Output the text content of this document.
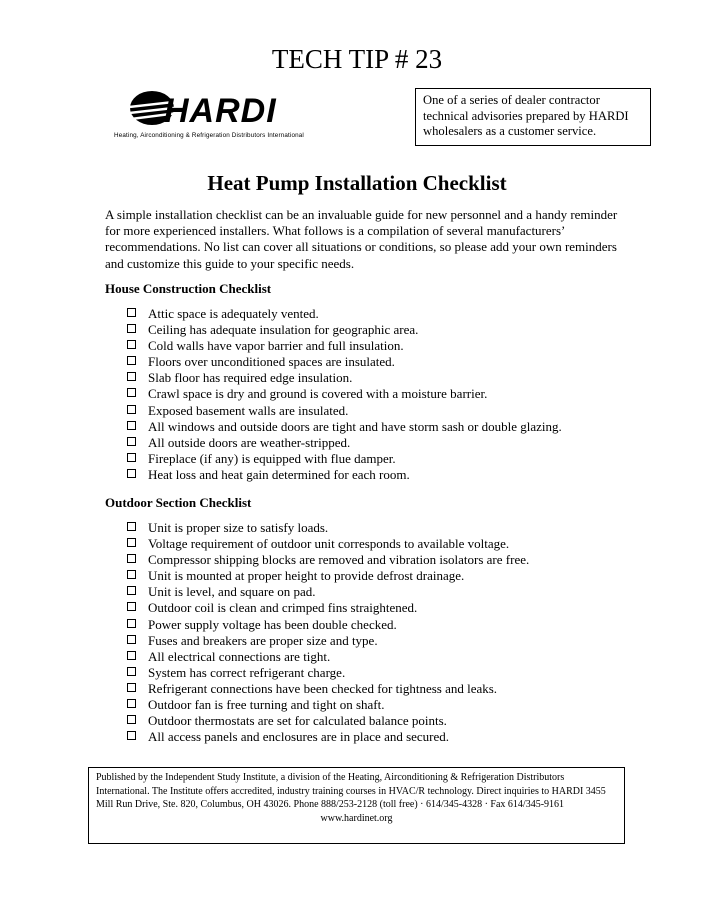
TECH TIP # 23
HARDI
Heating, Airconditioning & Refrigeration Distributors International
One of a series of dealer contractor technical advisories prepared by HARDI wholesalers as a customer service.
Heat Pump Installation Checklist
A simple installation checklist can be an invaluable guide for new personnel and a handy reminder for more experienced installers. What follows is a compilation of several manufacturers’ recommendations. No list can cover all situations or conditions, so please add your own reminders and customize this guide to your specific needs.
House Construction Checklist
Attic space is adequately vented.
Ceiling has adequate insulation for geographic area.
Cold walls have vapor barrier and full insulation.
Floors over unconditioned spaces are insulated.
Slab floor has required edge insulation.
Crawl space is dry and ground is covered with a moisture barrier.
Exposed basement walls are insulated.
All windows and outside doors are tight and have storm sash or double glazing.
All outside doors are weather-stripped.
Fireplace (if any) is equipped with flue damper.
Heat loss and heat gain determined for each room.
Outdoor Section Checklist
Unit is proper size to satisfy loads.
Voltage requirement of outdoor unit corresponds to available voltage.
Compressor shipping blocks are removed and vibration isolators are free.
Unit is mounted at proper height to provide defrost drainage.
Unit is level, and square on pad.
Outdoor coil is clean and crimped fins straightened.
Power supply voltage has been double checked.
Fuses and breakers are proper size and type.
All electrical connections are tight.
System has correct refrigerant charge.
Refrigerant connections have been checked for tightness and leaks.
Outdoor fan is free turning and tight on shaft.
Outdoor thermostats are set for calculated balance points.
All access panels and enclosures are in place and secured.
Published by the Independent Study Institute, a division of the Heating, Airconditioning & Refrigeration Distributors International. The Institute offers accredited, industry training courses in HVAC/R technology. Direct inquiries to HARDI 3455 Mill Run Drive, Ste. 820, Columbus, OH 43026. Phone 888/253-2128 (toll free) · 614/345-4328 · Fax 614/345-9161
www.hardinet.org
